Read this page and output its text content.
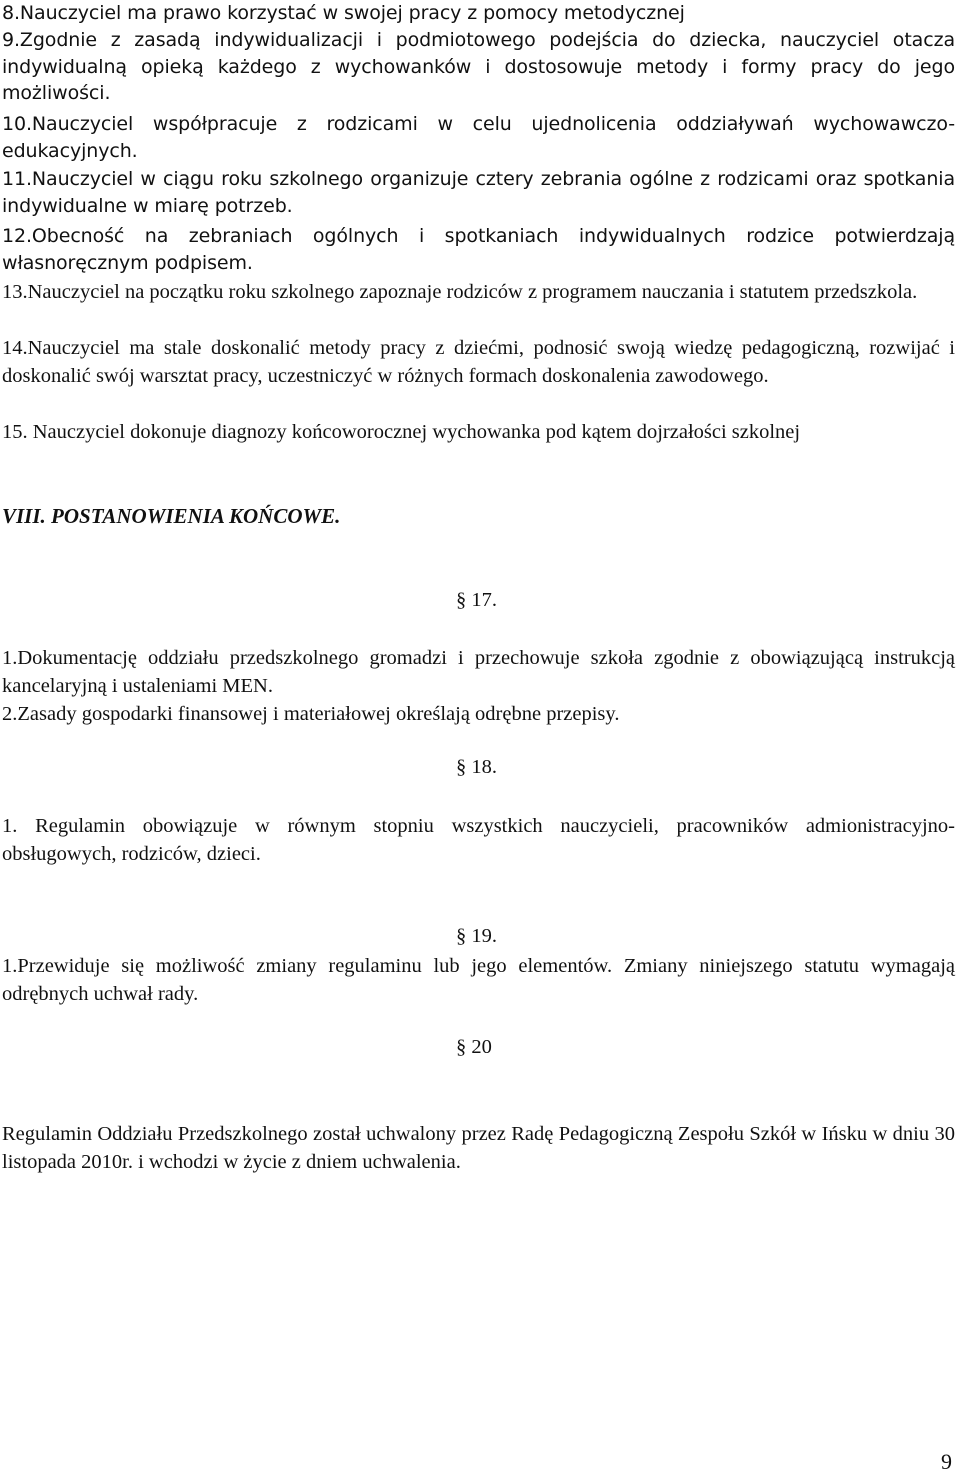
8.Nauczyciel ma prawo korzystać w swojej pracy z pomocy metodycznej

9.Zgodnie z zasadą indywidualizacji i podmiotowego podejścia do dziecka, nauczyciel otacza indywidualną opieką każdego z wychowanków i dostosowuje metody i formy pracy do jego możliwości.

10.Nauczyciel współpracuje z rodzicami w celu ujednolicenia oddziaływań wychowawczo-edukacyjnych.

11.Nauczyciel w ciągu roku szkolnego organizuje cztery zebrania ogólne z rodzicami oraz spotkania indywidualne w miarę potrzeb.

12.Obecność na zebraniach ogólnych i spotkaniach indywidualnych rodzice potwierdzają własnoręcznym podpisem.

13.Nauczyciel na początku roku szkolnego zapoznaje rodziców z programem nauczania i statutem przedszkola.

14.Nauczyciel ma stale doskonalić metody pracy z dziećmi, podnosić swoją wiedzę pedagogiczną, rozwijać i doskonalić swój warsztat pracy, uczestniczyć w różnych formach doskonalenia zawodowego.

15. Nauczyciel dokonuje diagnozy końcoworocznej wychowanka pod kątem dojrzałości szkolnej

VIII. POSTANOWIENIA KOŃCOWE.

§ 17.

1.Dokumentację oddziału przedszkolnego gromadzi i przechowuje szkoła zgodnie z obowiązującą instrukcją kancelaryjną i ustaleniami MEN.

2.Zasady gospodarki finansowej i materiałowej określają odrębne przepisy.

§ 18.

1. Regulamin obowiązuje w równym stopniu wszystkich nauczycieli, pracowników admionistracyjno-obsługowych, rodziców, dzieci.

§ 19.

1.Przewiduje się możliwość zmiany regulaminu lub jego elementów. Zmiany niniejszego statutu wymagają odrębnych uchwał rady.

§ 20

Regulamin Oddziału Przedszkolnego został uchwalony przez Radę Pedagogiczną Zespołu Szkół w Ińsku w dniu 30 listopada 2010r. i wchodzi w życie z dniem uchwalenia.

9
